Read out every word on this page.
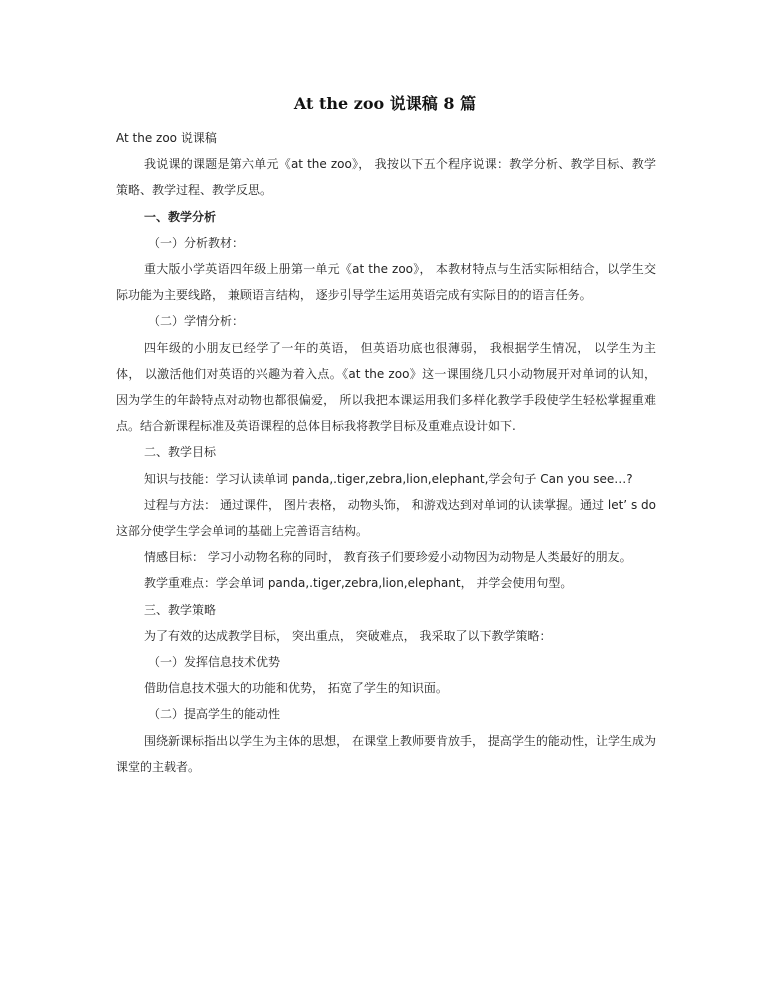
At the zoo 说课稿 8 篇

At the zoo 说课稿

我说课的课题是第六单元《at the zoo》， 我按以下五个程序说课：教学分析、教学目标、教学策略、教学过程、教学反思。

一、教学分析

（一）分析教材：

重大版小学英语四年级上册第一单元《at the zoo》， 本教材特点与生活实际相结合，以学生交际功能为主要线路， 兼顾语言结构， 逐步引导学生运用英语完成有实际目的的语言任务。

（二）学情分析：

四年级的小朋友已经学了一年的英语， 但英语功底也很薄弱， 我根据学生情况， 以学生为主体， 以激活他们对英语的兴趣为着入点。《at the zoo》这一课围绕几只小动物展开对单词的认知， 因为学生的年龄特点对动物也都很偏爱， 所以我把本课运用我们多样化教学手段使学生轻松掌握重难点。结合新课程标准及英语课程的总体目标我将教学目标及重难点设计如下.

二、教学目标

知识与技能：学习认读单词 panda,.tiger,zebra,lion,elephant,学会句子 Can you see…?

过程与方法： 通过课件， 图片表格， 动物头饰， 和游戏达到对单词的认读掌握。通过 let’ s do 这部分使学生学会单词的基础上完善语言结构。

情感目标： 学习小动物名称的同时， 教育孩子们要珍爱小动物因为动物是人类最好的朋友。

教学重难点：学会单词 panda,.tiger,zebra,lion,elephant， 并学会使用句型。

三、教学策略

为了有效的达成教学目标， 突出重点， 突破难点， 我采取了以下教学策略：

（一）发挥信息技术优势

借助信息技术强大的功能和优势， 拓宽了学生的知识面。

（二）提高学生的能动性

围绕新课标指出以学生为主体的思想， 在课堂上教师要肯放手， 提高学生的能动性，让学生成为课堂的主载者。
